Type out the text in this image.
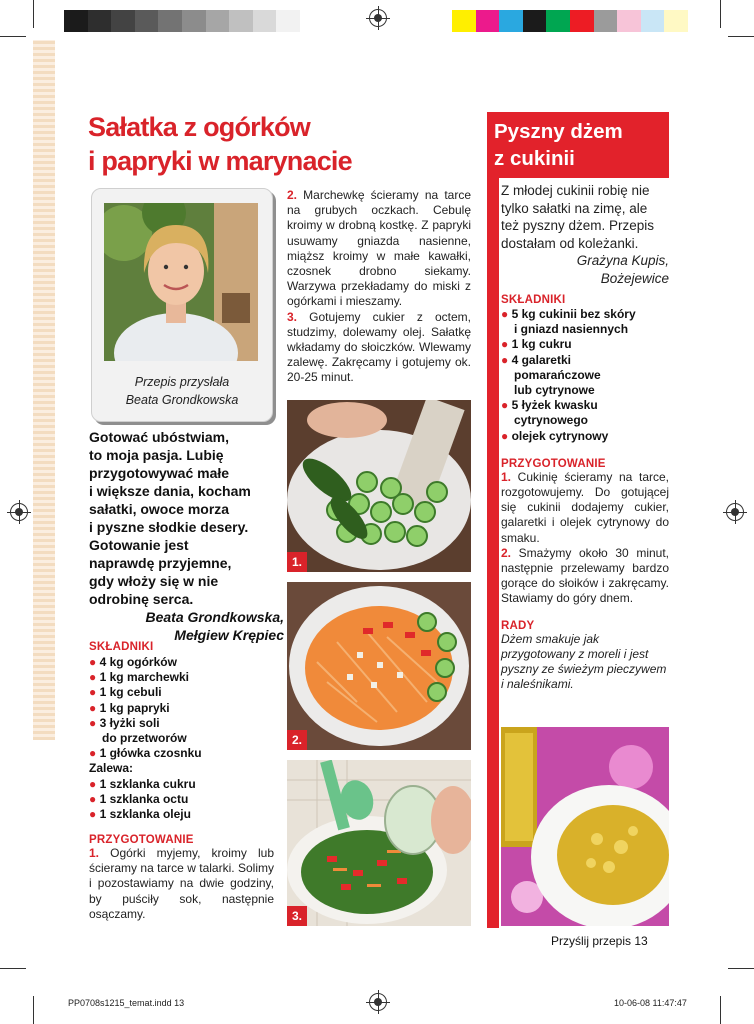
Sałatka z ogórków
i papryki w marynacie
Przepis przysłała
Beata Grondkowska
Gotować ubóstwiam,
to moja pasja. Lubię
przygotowywać małe
i większe dania, kocham
sałatki, owoce morza
i pyszne słodkie desery.
Gotowanie jest
naprawdę przyjemne,
gdy włoży się w nie
odrobinę serca.
Beata Grondkowska,
Mełgiew Krępiec
SKŁADNIKI
● 4 kg ogórków
● 1 kg marchewki
● 1 kg cebuli
● 1 kg papryki
● 3 łyżki soli
do przetworów
● 1 główka czosnku
Zalewa:
● 1 szklanka cukru
● 1 szklanka octu
● 1 szklanka oleju
PRZYGOTOWANIE
1. Ogórki myjemy, kroimy lub ścieramy na tarce w talarki. Solimy i pozostawiamy na dwie godziny, by puściły sok, następnie osączamy.
2. Marchewkę ścieramy na tarce na grubych oczkach. Cebulę kroimy w drobną kostkę. Z papryki usuwamy gniazda nasienne, miąższ kroimy w małe kawałki, czosnek drobno siekamy. Warzywa przekładamy do miski z ogórkami i mieszamy.
3. Gotujemy cukier z octem, studzimy, dolewamy olej. Sałatkę wkładamy do słoiczków. Wlewamy zalewę. Zakręcamy i gotujemy ok. 20-25 minut.
1.
2.
3.
Pyszny dżem
z cukinii
Z młodej cukinii robię nie tylko sałatki na zimę, ale też pyszny dżem. Przepis dostałam od koleżanki.
Grażyna Kupis,
Bożejewice
SKŁADNIKI
● 5 kg cukinii bez skóry
i gniazd nasiennych
● 1 kg cukru
● 4 galaretki
pomarańczowe
lub cytrynowe
● 5 łyżek kwasku
cytrynowego
● olejek cytrynowy
PRZYGOTOWANIE
1. Cukinię ścieramy na tarce, rozgotowujemy. Do gotującej się cukinii dodajemy cukier, galaretki i olejek cytrynowy do smaku.
2. Smażymy około 30 minut, następnie przelewamy bardzo gorące do słoików i zakręcamy. Stawiamy do góry dnem.
RADY
Dżem smakuje jak przygotowany z moreli i jest pyszny ze świeżym pieczywem i naleśnikami.
Przyślij przepis 13
PP0708s1215_temat.indd 13	10-06-08 11:47:47
